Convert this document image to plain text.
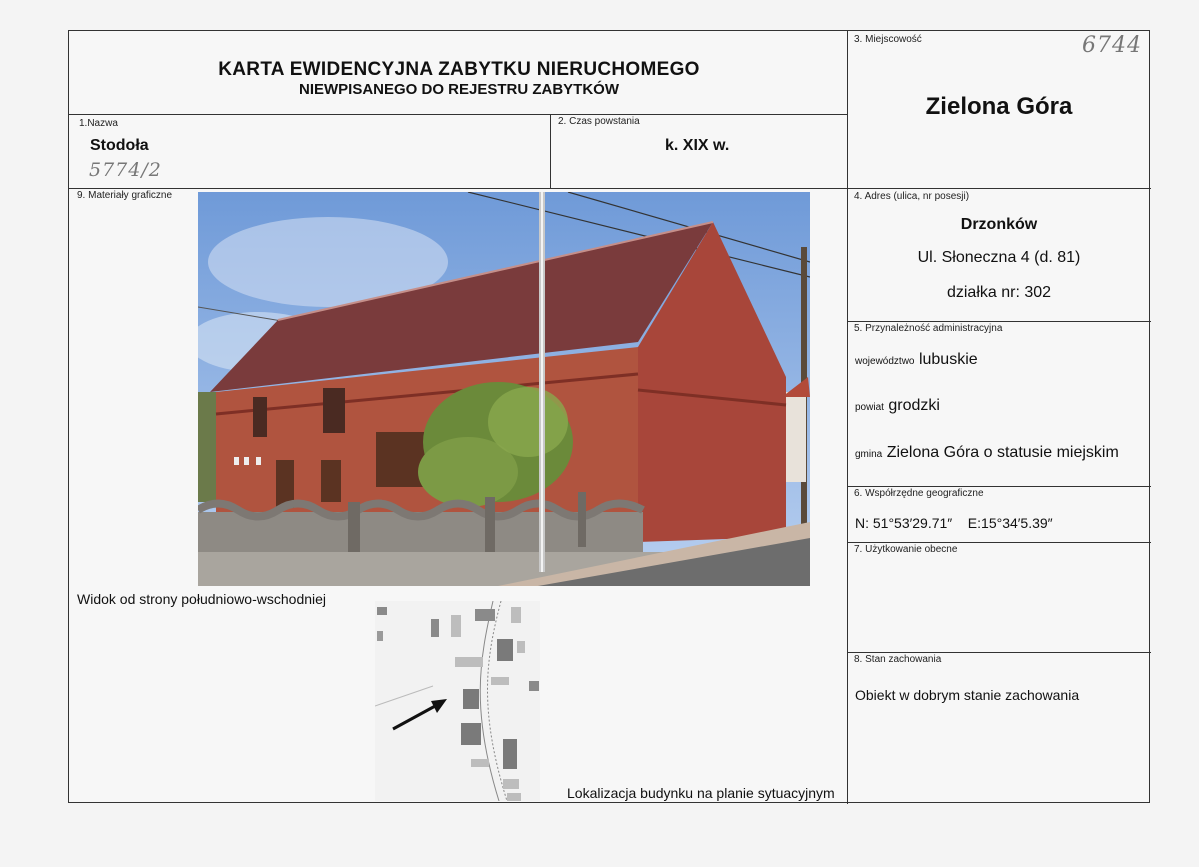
KARTA EWIDENCYJNA ZABYTKU NIERUCHOMEGO
NIEWPISANEGO DO REJESTRU ZABYTKÓW
1.Nazwa
Stodoła
5774/2
2. Czas powstania
k. XIX w.
3. Miejscowość	6744
Zielona Góra
4. Adres (ulica, nr posesji)
Drzonków
Ul. Słoneczna 4 (d. 81)
działka nr: 302
5. Przynależność administracyjna
województwo lubuskie
powiat grodzki
gmina Zielona Góra o statusie miejskim
6. Współrzędne geograficzne
N: 51°53′29.71″    E:15°34′5.39″
7. Użytkowanie obecne
8. Stan zachowania
Obiekt w dobrym stanie zachowania
9. Materiały graficzne
Widok od strony południowo-wschodniej
Lokalizacja budynku na planie sytuacyjnym
